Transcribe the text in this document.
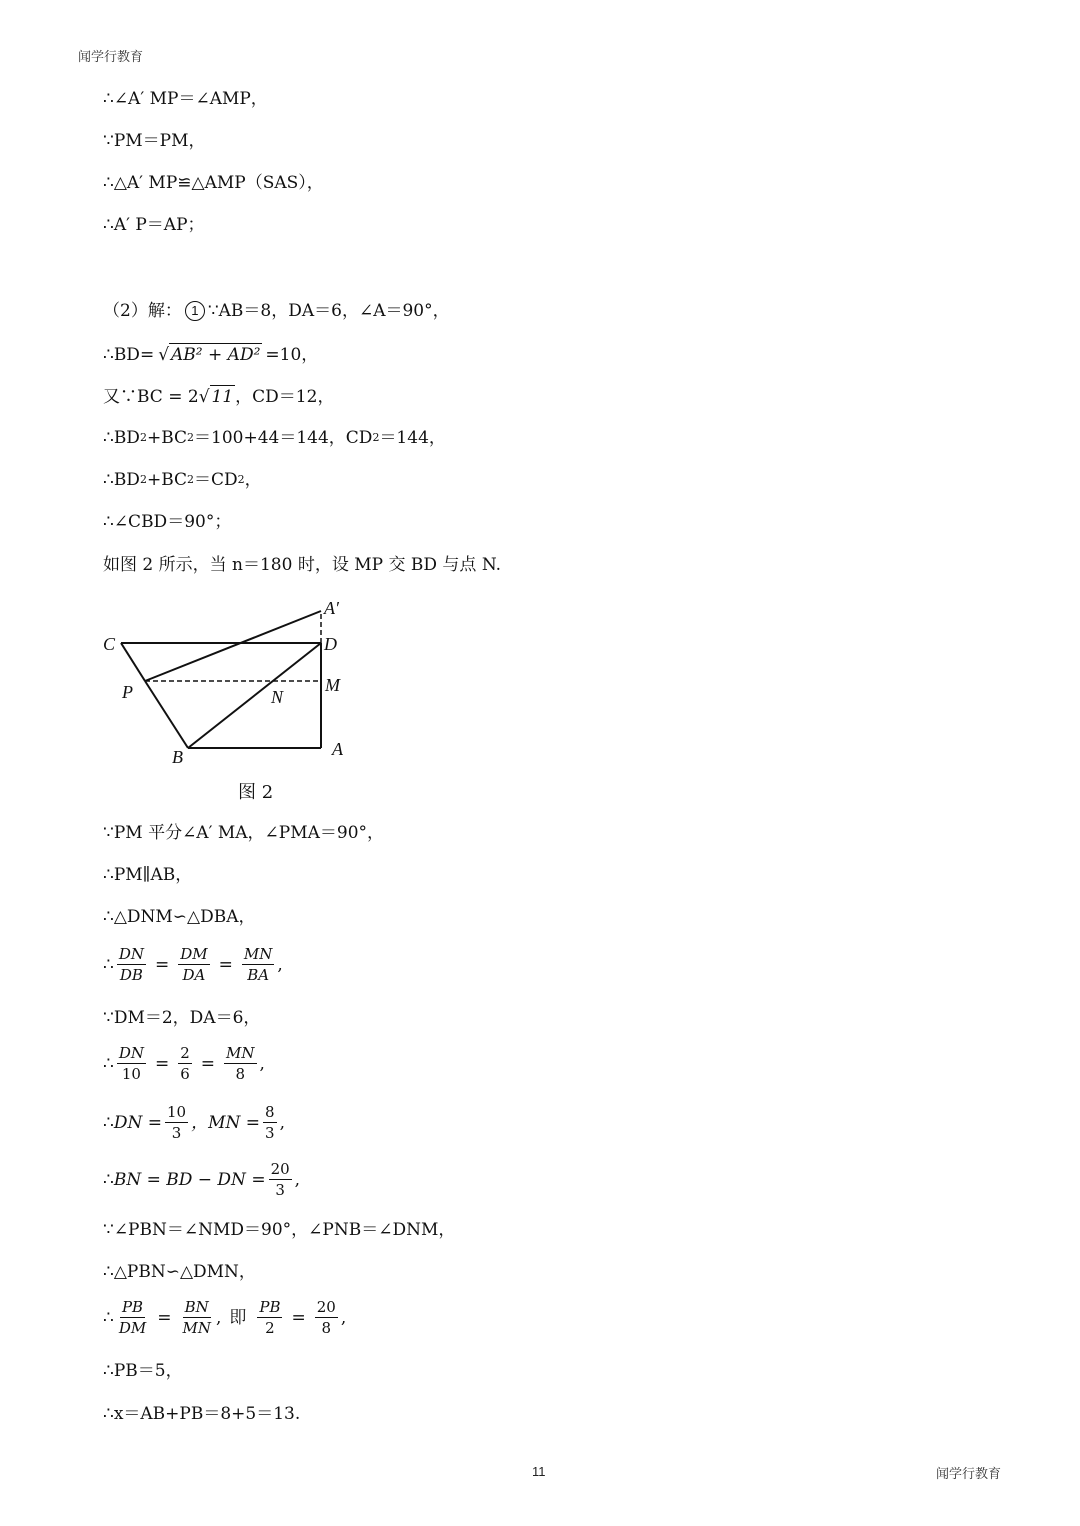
闻学行教育
∴∠A′ MP＝∠AMP，
∵PM＝PM，
∴△A′ MP≌△AMP（SAS），
∴A′ P＝AP；
（2）解： 1 ∵AB＝8，DA＝6，∠A＝90°，
∴BD= √ AB² + AD² =10，
又∵BC = 2 √ 11 ，CD＝12，
∴BD 2 +BC 2 ＝100+44＝144，CD 2 ＝144，
∴BD 2 +BC 2 ＝CD 2 ，
∴∠CBD＝90°；
如图 2 所示，当 n＝180 时，设 MP 交 BD 与点 N.
A′
C	D
P	M
N
B	A
图 2
∵PM 平分∠A′ MA，∠PMA＝90°，
∴PM∥AB，
∴△DNM∽△DBA，
∴ $\frac{DN}{DB} = \frac{DM}{DA} = \frac{MN}{BA}$ ,
∵DM＝2，DA＝6，
∴ $\frac{DN}{10} = \frac{2}{6} = \frac{MN}{8}$ ,
∴ DN = $\frac{10}{3}$ ，MN = $\frac{8}{3}$ ,
∴ BN = BD − DN = $\frac{20}{3}$ ,
∵∠PBN＝∠NMD＝90°，∠PNB＝∠DNM，
∴△PBN∽△DMN，
∴ $\frac{PB}{DM} = \frac{BN}{MN}$ , 即 $\frac{PB}{2} = \frac{20}{8}$ ,
∴PB＝5，
∴x＝AB+PB＝8+5＝13.
11	闻学行教育
